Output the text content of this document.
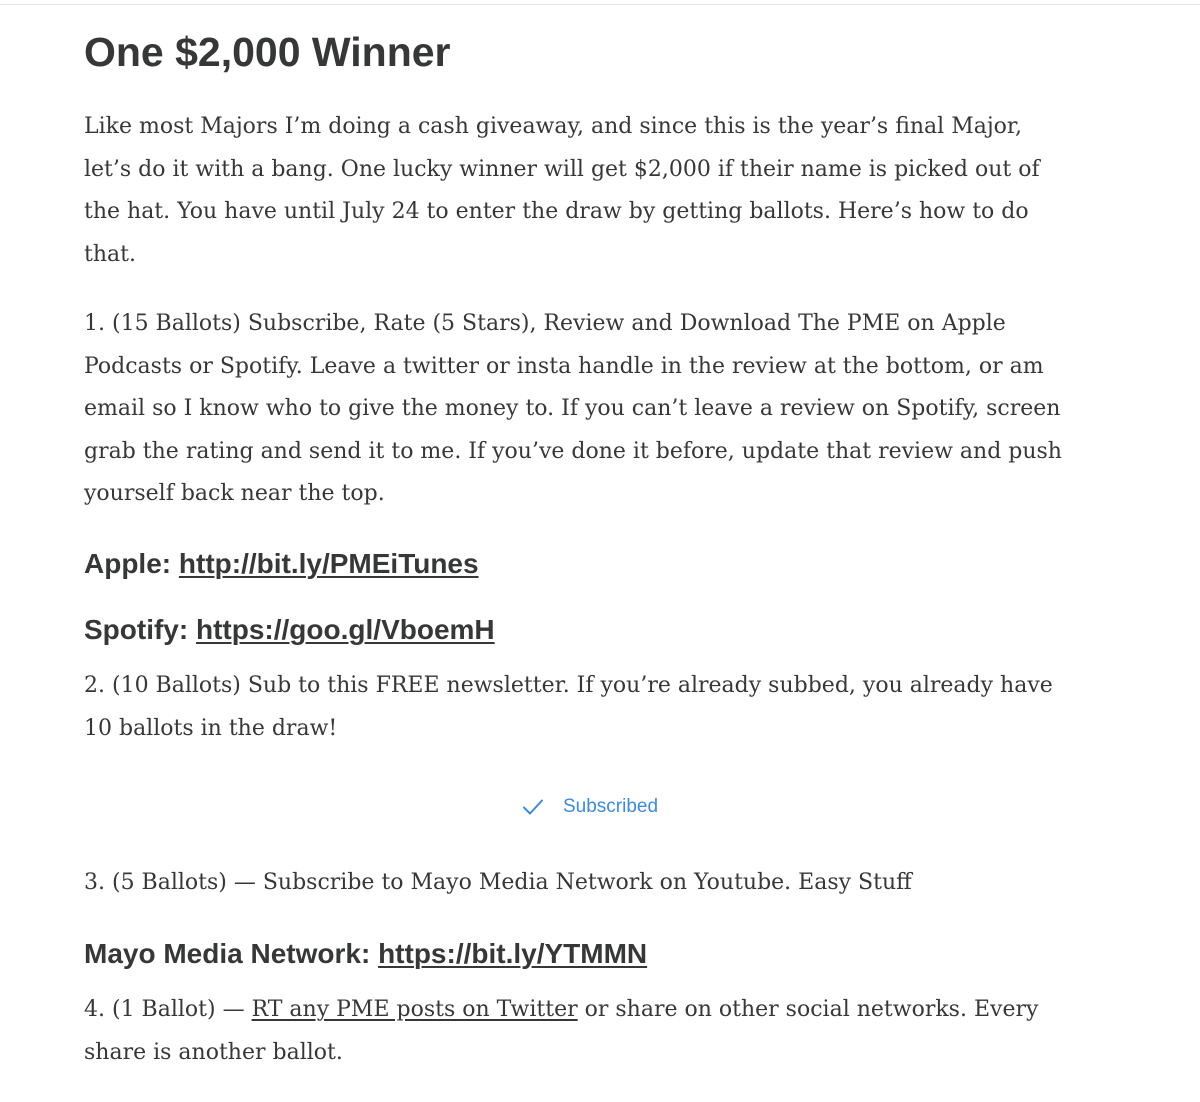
One $2,000 Winner

Like most Majors I’m doing a cash giveaway, and since this is the year’s final Major,
let’s do it with a bang. One lucky winner will get $2,000 if their name is picked out of
the hat. You have until July 24 to enter the draw by getting ballots. Here’s how to do
that.

1. (15 Ballots) Subscribe, Rate (5 Stars), Review and Download The PME on Apple
Podcasts or Spotify. Leave a twitter or insta handle in the review at the bottom, or am
email so I know who to give the money to. If you can’t leave a review on Spotify, screen
grab the rating and send it to me. If you’ve done it before, update that review and push
yourself back near the top.

Apple: http://bit.ly/PMEiTunes
Spotify: https://goo.gl/VboemH

2. (10 Ballots) Sub to this FREE newsletter. If you’re already subbed, you already have
10 ballots in the draw!

Subscribed

3. (5 Ballots) — Subscribe to Mayo Media Network on Youtube. Easy Stuff

Mayo Media Network: https://bit.ly/YTMMN

4. (1 Ballot) — RT any PME posts on Twitter or share on other social networks. Every
share is another ballot.
